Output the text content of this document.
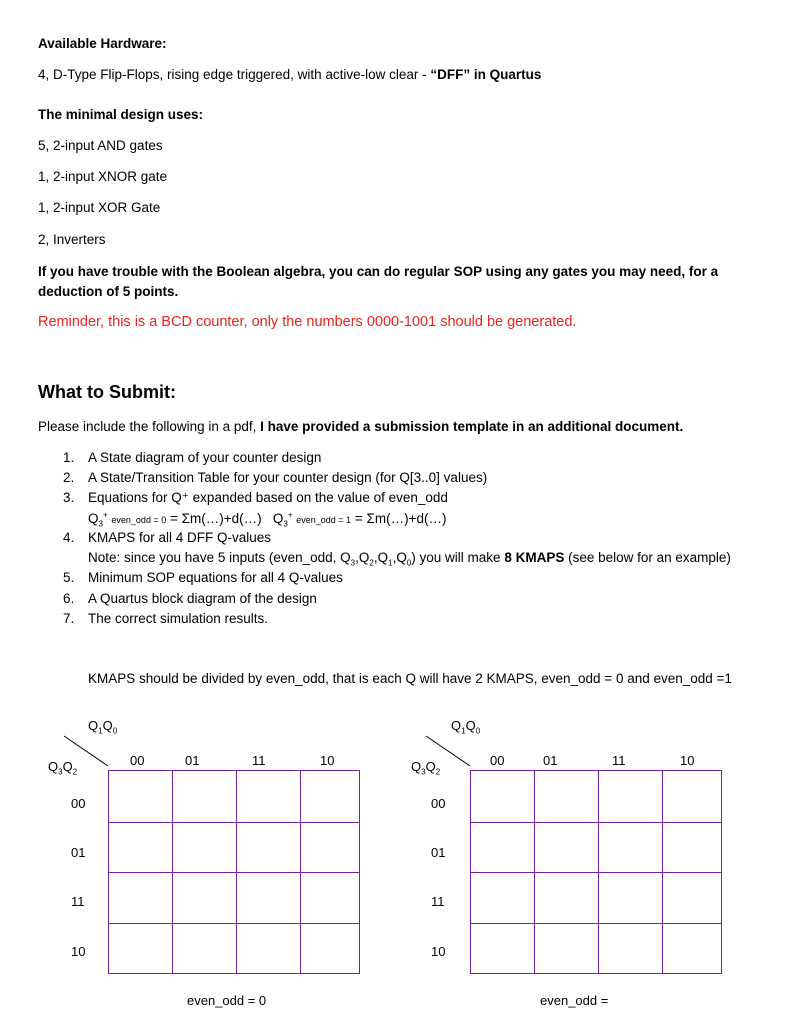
Available Hardware:
4, D-Type Flip-Flops, rising edge triggered, with active-low clear - “DFF” in Quartus
The minimal design uses:
5, 2-input AND gates
1, 2-input XNOR gate
1, 2-input XOR Gate
2, Inverters
If you have trouble with the Boolean algebra, you can do regular SOP using any gates you may need, for a deduction of 5 points.
Reminder, this is a BCD counter, only the numbers 0000-1001 should be generated.
What to Submit:
Please include the following in a pdf, I have provided a submission template in an additional document.
1. A State diagram of your counter design
2. A State/Transition Table for your counter design (for Q[3..0] values)
3. Equations for Q⁺ expanded based on the value of even_odd
$Q_3^+$ even_odd = 0 = Σm(…)+d(…) $Q_3^+$ even_odd = 1 = Σm(…)+d(…)
4. KMAPS for all 4 DFF Q-values
Note: since you have 5 inputs (even_odd, $Q_3,Q_2,Q_1,Q_0$) you will make 8 KMAPS (see below for an example)
5. Minimum SOP equations for all 4 Q-values
6. A Quartus block diagram of the design
7. The correct simulation results.
KMAPS should be divided by even_odd, that is each Q will have 2 KMAPS, even_odd = 0 and even_odd =1
$Q_1Q_0$
$Q_3Q_2$
00	01	11	10
00
01
11
10
even_odd = 0
$Q_1Q_0$
$Q_3Q_2$
00	01	11	10
00
01
11
10
even_odd =
